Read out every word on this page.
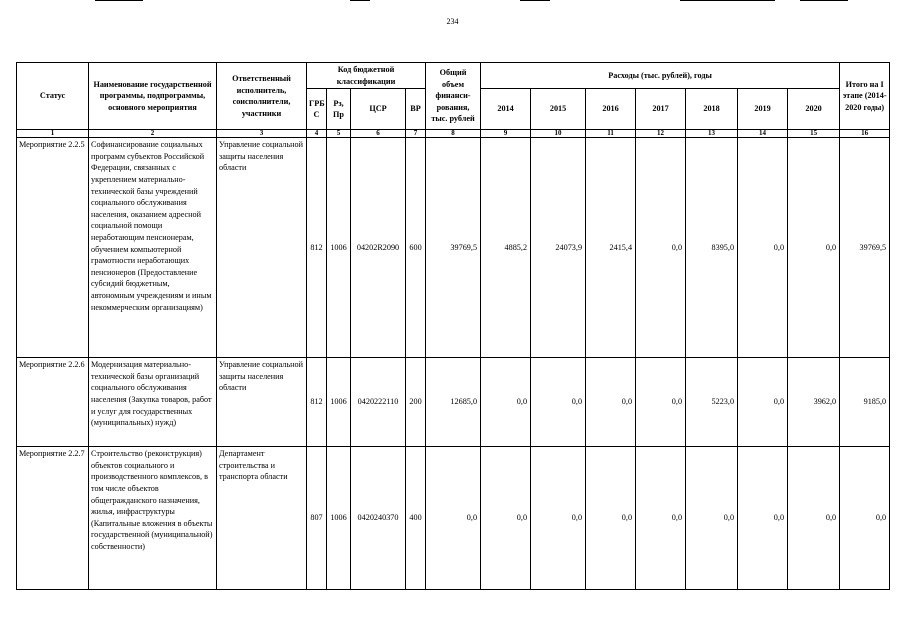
234
Статус	Наименование государственной программы, подпрограммы, основного мероприятия	Ответственный исполнитель, соисполнители, участники	Код бюджетной классификации				Общий объем финанси-рования, тыс. рублей	Расходы (тыс. рублей), годы							Итого на I этапе (2014-2020 годы)
			ГРБ С	Рз, Пр	ЦСР	ВР		2014	2015	2016	2017	2018	2019	2020	
1	2	3	4	5	6	7	8	9	10	11	12	13	14	15	16
Мероприятие 2.2.5	Софинансирование социальных программ субъектов Российской Федерации, связанных с укреплением материально-технической базы учреждений социального обслуживания населения, оказанием адресной социальной помощи неработающим пенсионерам, обучением компьютерной грамотности неработающих пенсионеров (Предоставление субсидий бюджетным, автономным учреждениям и иным некоммерческим организациям)	Управление социальной защиты населения области	812	1006	04202R2090	600	39769,5	4885,2	24073,9	2415,4	0,0	8395,0	0,0	0,0	39769,5
Мероприятие 2.2.6	Модернизация материально-технической базы организаций социального обслуживания населения (Закупка товаров, работ и услуг для государственных (муниципальных) нужд)	Управление социальной защиты населения области	812	1006	0420222110	200	12685,0	0,0	0,0	0,0	0,0	5223,0	0,0	3962,0	9185,0
Мероприятие 2.2.7	Строительство (реконструкция) объектов социального и производственного комплексов, в том числе объектов общегражданского назначения, жилья, инфраструктуры (Капитальные вложения в объекты государственной (муниципальной) собственности)	Департамент строительства и транспорта области	807	1006	0420240370	400	0,0	0,0	0,0	0,0	0,0	0,0	0,0	0,0	0,0
